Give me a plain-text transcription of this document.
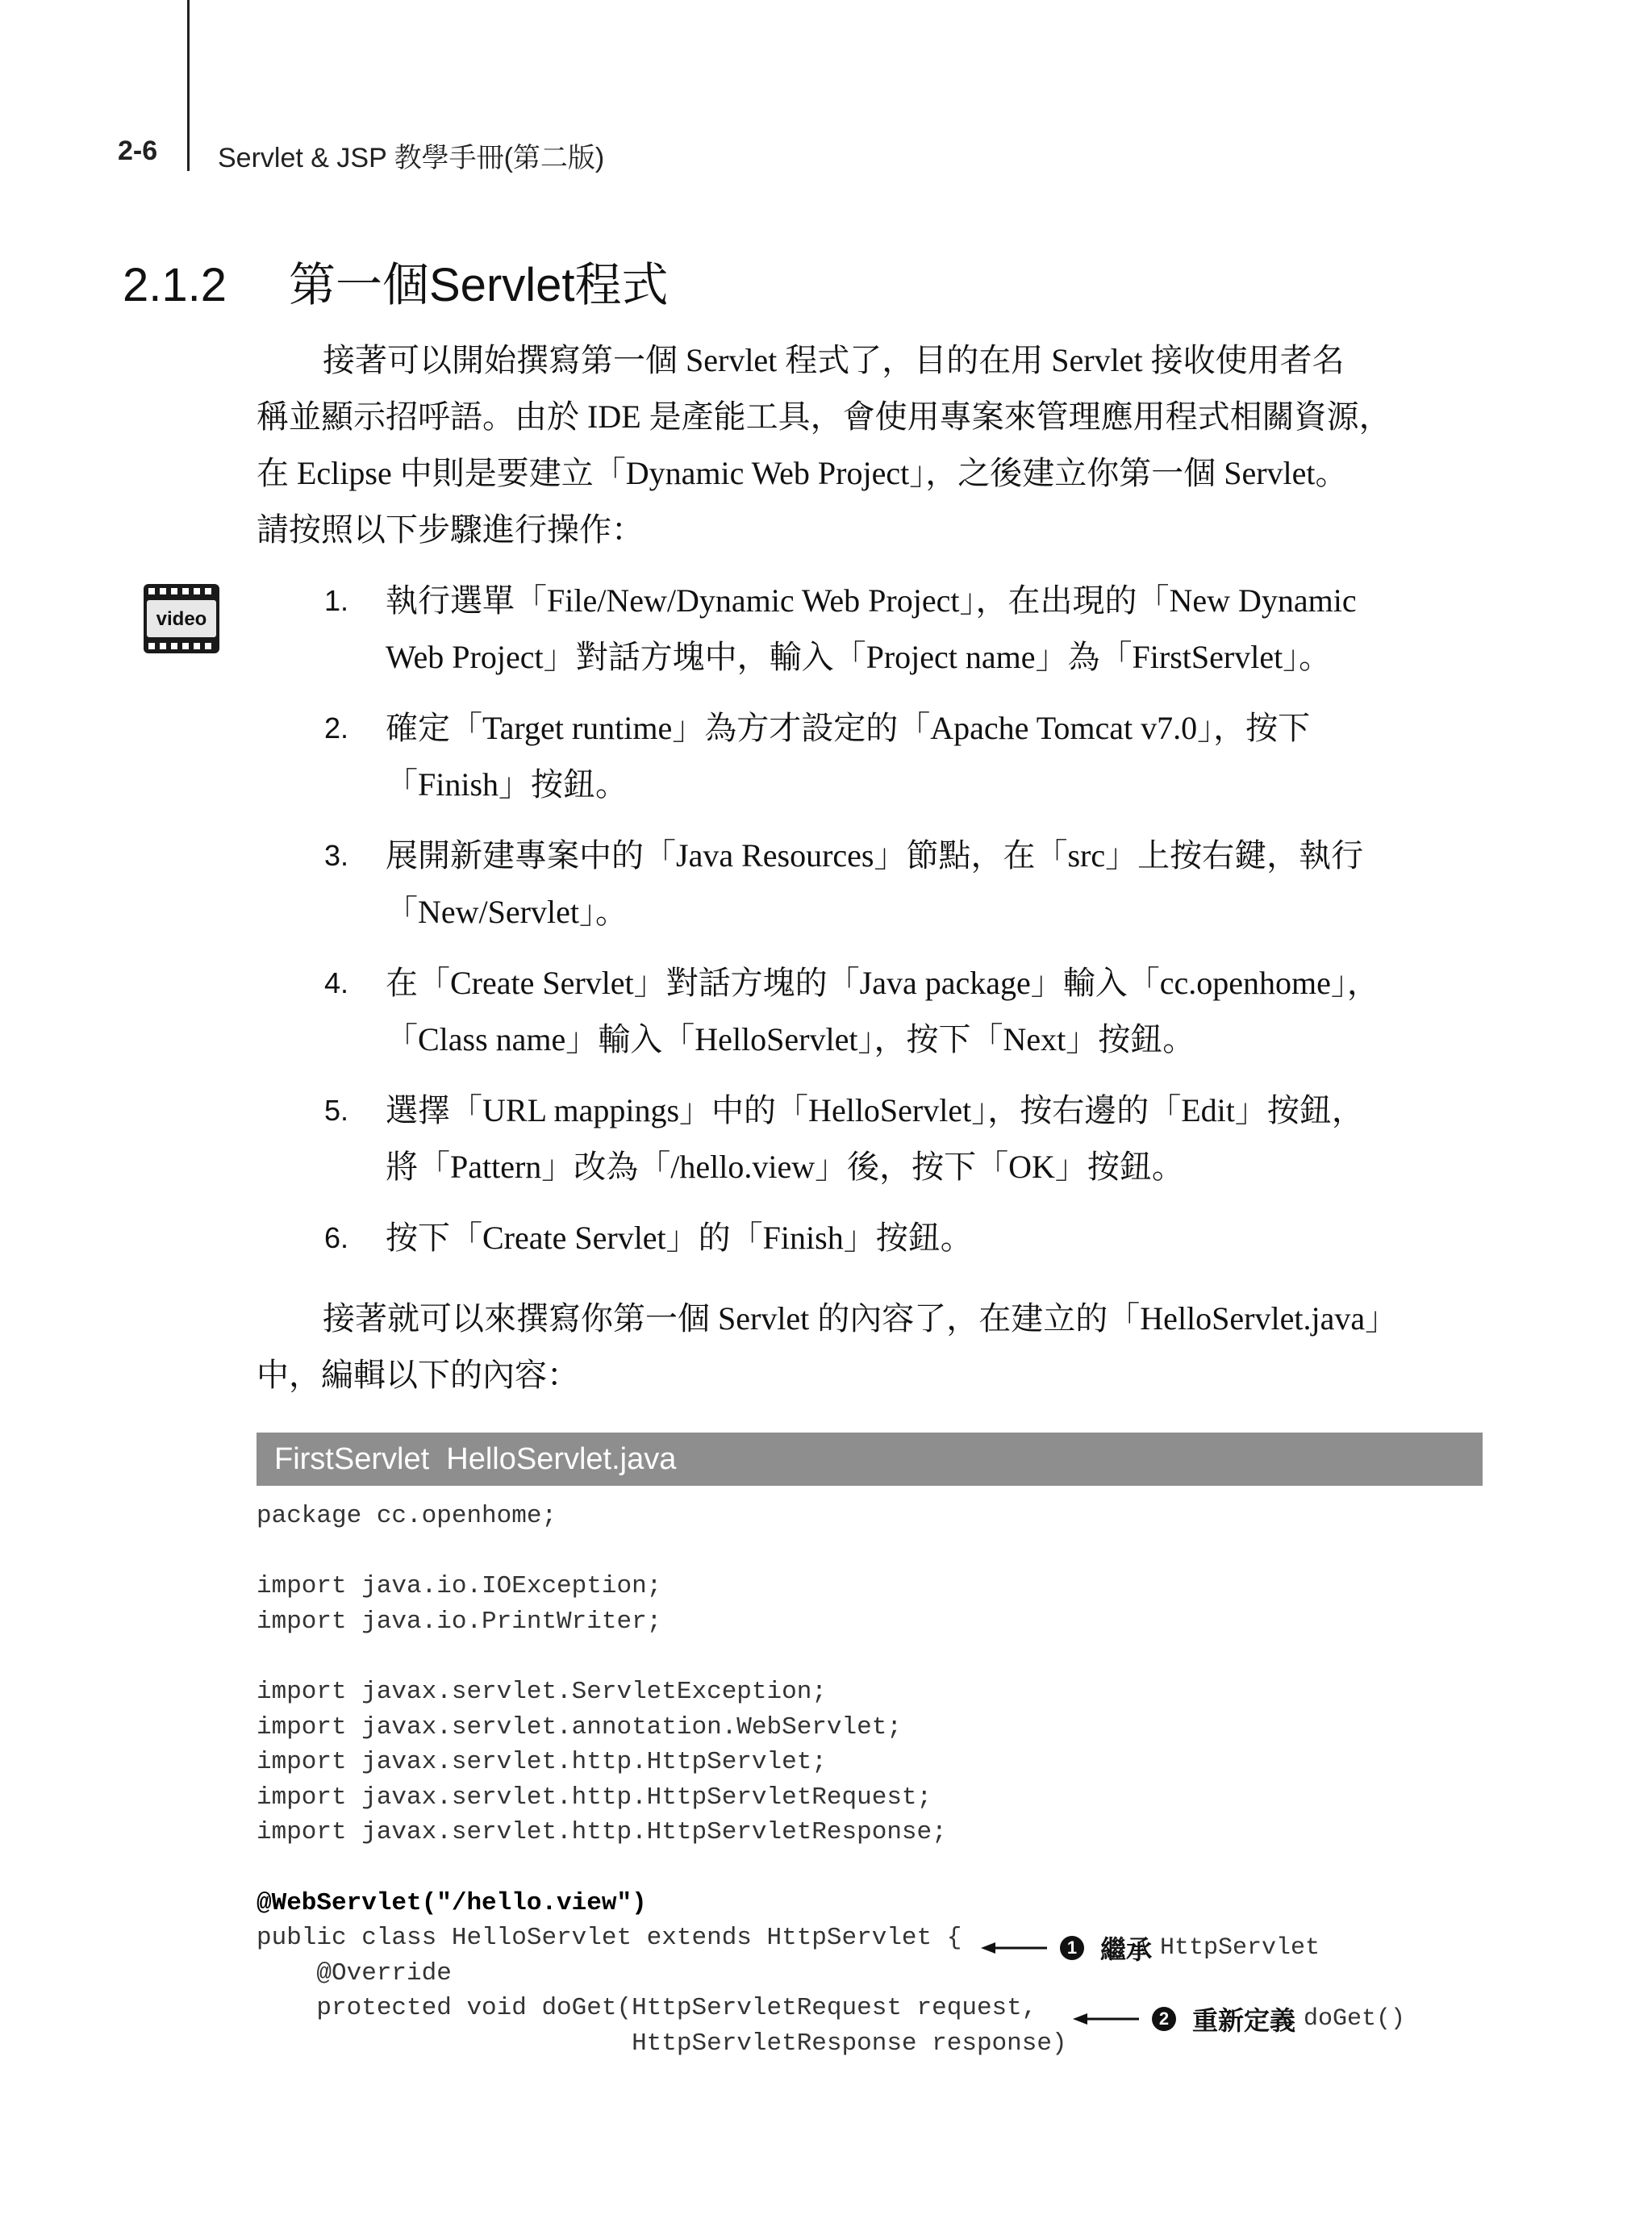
2-6 Servlet & JSP 教學手冊(第二版)
2.1.2 第一個Servlet程式
接著可以開始撰寫第一個 Servlet 程式了，目的在用 Servlet 接收使用者名
稱並顯示招呼語。由於 IDE 是產能工具，會使用專案來管理應用程式相關資源，
在 Eclipse 中則是要建立「Dynamic Web Project」，之後建立你第一個 Servlet。
請按照以下步驟進行操作：
video
1. 執行選單「File/New/Dynamic Web Project」，在出現的「New Dynamic
Web Project」對話方塊中，輸入「Project name」為「FirstServlet」。
2. 確定「Target runtime」為方才設定的「Apache Tomcat v7.0」，按下
「Finish」按鈕。
3. 展開新建專案中的「Java Resources」節點，在「src」上按右鍵，執行
「New/Servlet」。
4. 在「Create Servlet」對話方塊的「Java package」輸入「cc.openhome」，
「Class name」輸入「HelloServlet」，按下「Next」按鈕。
5. 選擇「URL mappings」中的「HelloServlet」，按右邊的「Edit」按鈕，
將「Pattern」改為「/hello.view」後，按下「OK」按鈕。
6. 按下「Create Servlet」的「Finish」按鈕。
接著就可以來撰寫你第一個 Servlet 的內容了，在建立的「HelloServlet.java」
中，編輯以下的內容：
FirstServlet  HelloServlet.java
package cc.openhome;
import java.io.IOException;
import java.io.PrintWriter;
import javax.servlet.ServletException;
import javax.servlet.annotation.WebServlet;
import javax.servlet.http.HttpServlet;
import javax.servlet.http.HttpServletRequest;
import javax.servlet.http.HttpServletResponse;
@WebServlet("/hello.view")
public class HelloServlet extends HttpServlet {
@Override
protected void doGet(HttpServletRequest request,
HttpServletResponse response)
1 繼承 HttpServlet
2 重新定義 doGet()
